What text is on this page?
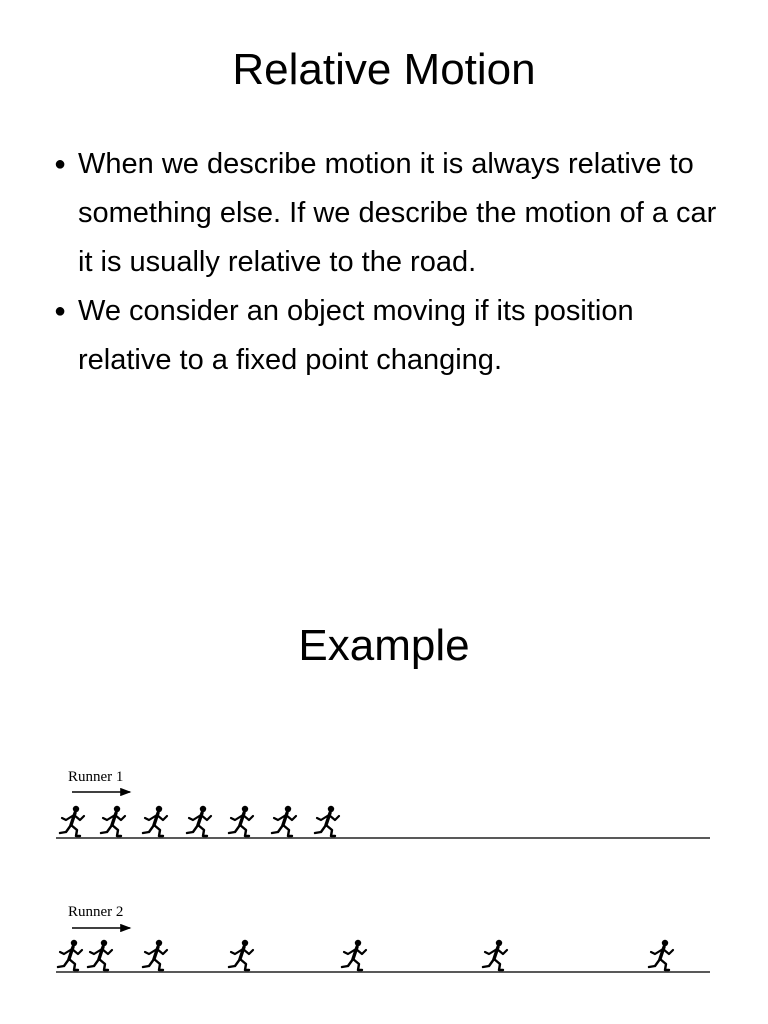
Relative Motion
● When we describe motion it is always relative to something else. If we describe the motion of a car it is usually relative to the road.
● We consider an object moving if its position relative to a fixed point changing.
Example
Runner 1
Runner 2
